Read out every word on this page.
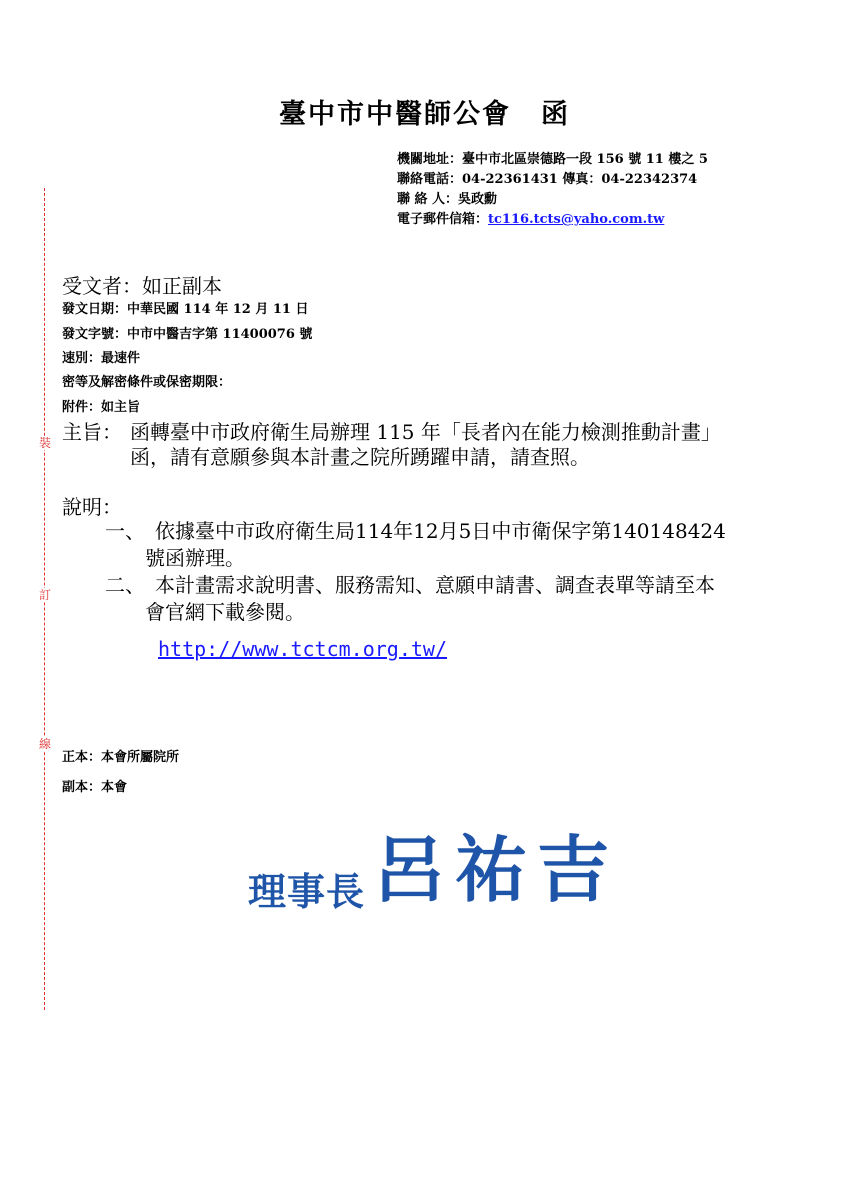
臺中市中醫師公會 函
機關地址：臺中市北區崇德路一段 156 號 11 樓之 5
聯絡電話：04-22361431 傳真：04-22342374
聯 絡 人：吳政勳
電子郵件信箱：tc116.tcts@yaho.com.tw
裝
訂
線
受文者：如正副本
發文日期：中華民國 114 年 12 月 11 日
發文字號：中市中醫吉字第 11400076 號
速別：最速件
密等及解密條件或保密期限：
附件：如主旨
主旨： 函轉臺中市政府衛生局辦理 115 年「長者內在能力檢測推動計畫」
函，請有意願參與本計畫之院所踴躍申請，請查照。
說明：
一、 依據臺中市政府衛生局114年12月5日中市衛保字第140148424
號函辦理。
二、 本計畫需求說明書、服務需知、意願申請書、調查表單等請至本
會官網下載參閱。
http://www.tctcm.org.tw/
正本：本會所屬院所
副本：本會
理事長 呂祐吉
